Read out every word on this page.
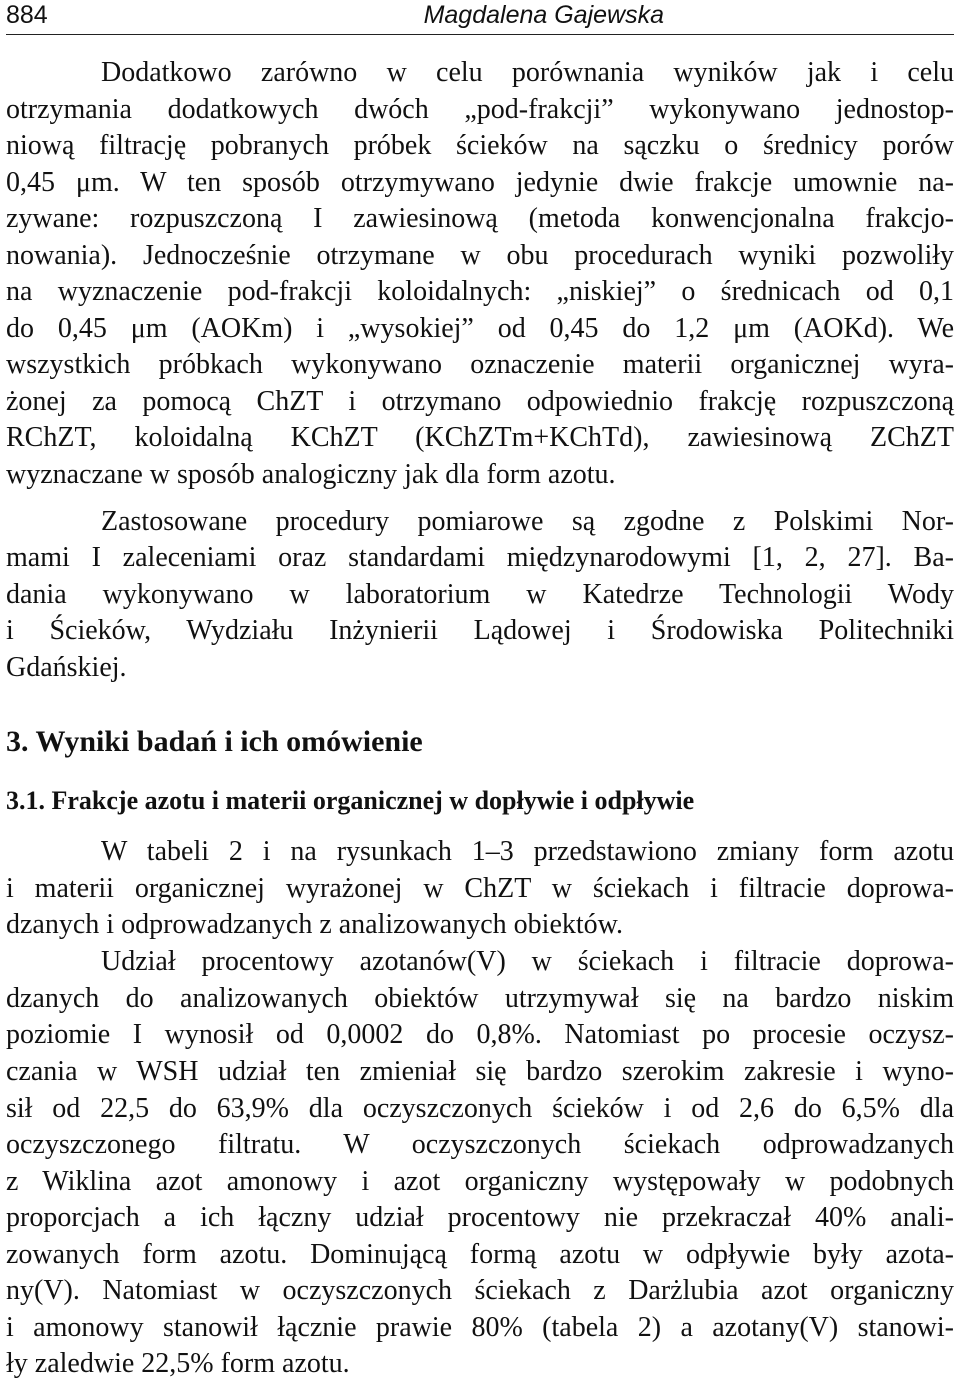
884	Magdalena Gajewska
Dodatkowo zarówno w celu porównania wyników jak i celu
otrzymania dodatkowych dwóch „pod-frakcji” wykonywano jednostop-
niową filtrację pobranych próbek ścieków na sączku o średnicy porów
0,45 μm. W ten sposób otrzymywano jedynie dwie frakcje umownie na-
zywane: rozpuszczoną I zawiesinową (metoda konwencjonalna frakcjo-
nowania). Jednocześnie otrzymane w obu procedurach wyniki pozwoliły
na wyznaczenie pod-frakcji koloidalnych: „niskiej” o średnicach od 0,1
do 0,45 μm (AOKm) i „wysokiej” od 0,45 do 1,2 μm (AOKd). We
wszystkich próbkach wykonywano oznaczenie materii organicznej wyra-
żonej za pomocą ChZT i otrzymano odpowiednio frakcję rozpuszczoną
RChZT, koloidalną KChZT (KChZTm+KChTd), zawiesinową ZChZT
wyznaczane w sposób analogiczny jak dla form azotu.
Zastosowane procedury pomiarowe są zgodne z Polskimi Nor-
mami I zaleceniami oraz standardami międzynarodowymi [1, 2, 27]. Ba-
dania wykonywano w laboratorium w Katedrze Technologii Wody
i Ścieków, Wydziału Inżynierii Lądowej i Środowiska Politechniki
Gdańskiej.
3. Wyniki badań i ich omówienie
3.1. Frakcje azotu i materii organicznej w dopływie i odpływie
W tabeli 2 i na rysunkach 1–3 przedstawiono zmiany form azotu
i materii organicznej wyrażonej w ChZT w ściekach i filtracie doprowa-
dzanych i odprowadzanych z analizowanych obiektów.
Udział procentowy azotanów(V) w ściekach i filtracie doprowa-
dzanych do analizowanych obiektów utrzymywał się na bardzo niskim
poziomie I wynosił od 0,0002 do 0,8%. Natomiast po procesie oczysz-
czania w WSH udział ten zmieniał się bardzo szerokim zakresie i wyno-
sił od 22,5 do 63,9% dla oczyszczonych ścieków i od 2,6 do 6,5% dla
oczyszczonego filtratu. W oczyszczonych ściekach odprowadzanych
z Wiklina azot amonowy i azot organiczny występowały w podobnych
proporcjach a ich łączny udział procentowy nie przekraczał 40% anali-
zowanych form azotu. Dominującą formą azotu w odpływie były azota-
ny(V). Natomiast w oczyszczonych ściekach z Darżlubia azot organiczny
i amonowy stanowił łącznie prawie 80% (tabela 2) a azotany(V) stanowi-
ły zaledwie 22,5% form azotu.
